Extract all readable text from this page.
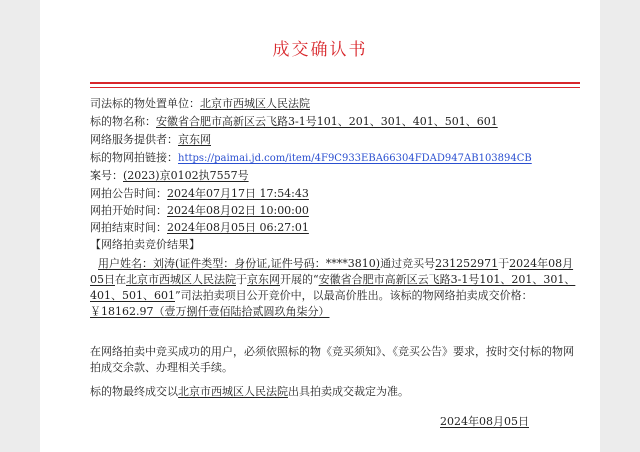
成交确认书
司法标的物处置单位：北京市西城区人民法院
标的物名称：安徽省合肥市高新区云飞路3-1号101、201、301、401、501、601
网络服务提供者：京东网
标的物网拍链接：https://paimai.jd.com/item/4F9C933EBA66304FDAD947AB103894CB
案号：(2023)京0102执7557号
网拍公告时间：2024年07月17日 17:54:43
网拍开始时间：2024年08月02日 10:00:00
网拍结束时间：2024年08月05日 06:27:01
【网络拍卖竞价结果】
用户姓名：刘涛(证件类型：身份证,证件号码：****3810)通过竞买号231252971于2024年08月05日在北京市西城区人民法院于京东网开展的“安徽省合肥市高新区云飞路3-1号101、201、301、401、501、601”司法拍卖项目公开竞价中，以最高价胜出。该标的物网络拍卖成交价格：￥18162.97（壹万捌仟壹佰陆拾贰圆玖角柒分）
在网络拍卖中竞买成功的用户，必须依照标的物《竞买须知》、《竞买公告》要求，按时交付标的物网拍成交余款、办理相关手续。
标的物最终成交以北京市西城区人民法院出具拍卖成交裁定为准。
2024年08月05日
